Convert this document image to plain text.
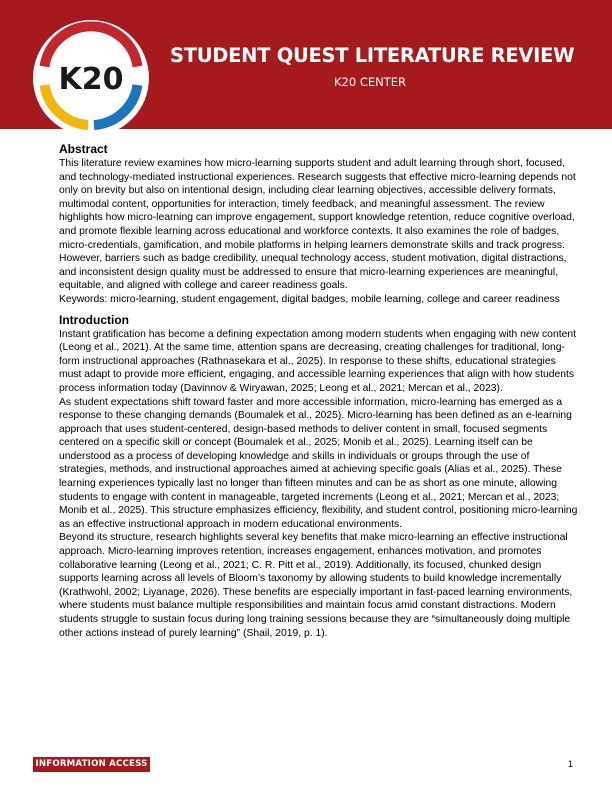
STUDENT QUEST LITERATURE REVIEW
K20 CENTER
K20
Abstract

This literature review examines how micro-learning supports student and adult learning through short, focused, and technology-mediated instructional experiences. Research suggests that effective micro-learning depends not only on brevity but also on intentional design, including clear learning objectives, accessible delivery formats, multimodal content, opportunities for interaction, timely feedback, and meaningful assessment. The review highlights how micro-learning can improve engagement, support knowledge retention, reduce cognitive overload, and promote flexible learning across educational and workforce contexts. It also examines the role of badges, micro-credentials, gamification, and mobile platforms in helping learners demonstrate skills and track progress. However, barriers such as badge credibility, unequal technology access, student motivation, digital distractions, and inconsistent design quality must be addressed to ensure that micro-learning experiences are meaningful, equitable, and aligned with college and career readiness goals.

Keywords: micro-learning, student engagement, digital badges, mobile learning, college and career readiness

Introduction

Instant gratification has become a defining expectation among modern students when engaging with new content (Leong et al., 2021). At the same time, attention spans are decreasing, creating challenges for traditional, long-form instructional approaches (Rathnasekara et al., 2025). In response to these shifts, educational strategies must adapt to provide more efficient, engaging, and accessible learning experiences that align with how students process information today (Davinnov & Wiryawan, 2025; Leong et al., 2021; Mercan et al., 2023).

As student expectations shift toward faster and more accessible information, micro-learning has emerged as a response to these changing demands (Boumalek et al., 2025). Micro-learning has been defined as an e-learning approach that uses student-centered, design-based methods to deliver content in small, focused segments centered on a specific skill or concept (Boumalek et al., 2025; Monib et al., 2025). Learning itself can be understood as a process of developing knowledge and skills in individuals or groups through the use of strategies, methods, and instructional approaches aimed at achieving specific goals (Alias et al., 2025). These learning experiences typically last no longer than fifteen minutes and can be as short as one minute, allowing students to engage with content in manageable, targeted increments (Leong et al., 2021; Mercan et al., 2023; Monib et al., 2025). This structure emphasizes efficiency, flexibility, and student control, positioning micro-learning as an effective instructional approach in modern educational environments.

Beyond its structure, research highlights several key benefits that make micro-learning an effective instructional approach. Micro-learning improves retention, increases engagement, enhances motivation, and promotes collaborative learning (Leong et al., 2021; C. R. Pitt et al., 2019). Additionally, its focused, chunked design supports learning across all levels of Bloom’s taxonomy by allowing students to build knowledge incrementally (Krathwohl, 2002; Liyanage, 2026). These benefits are especially important in fast-paced learning environments, where students must balance multiple responsibilities and maintain focus amid constant distractions. Modern students struggle to sustain focus during long training sessions because they are “simultaneously doing multiple other actions instead of purely learning” (Shail, 2019, p. 1).

INFORMATION ACCESS	1
